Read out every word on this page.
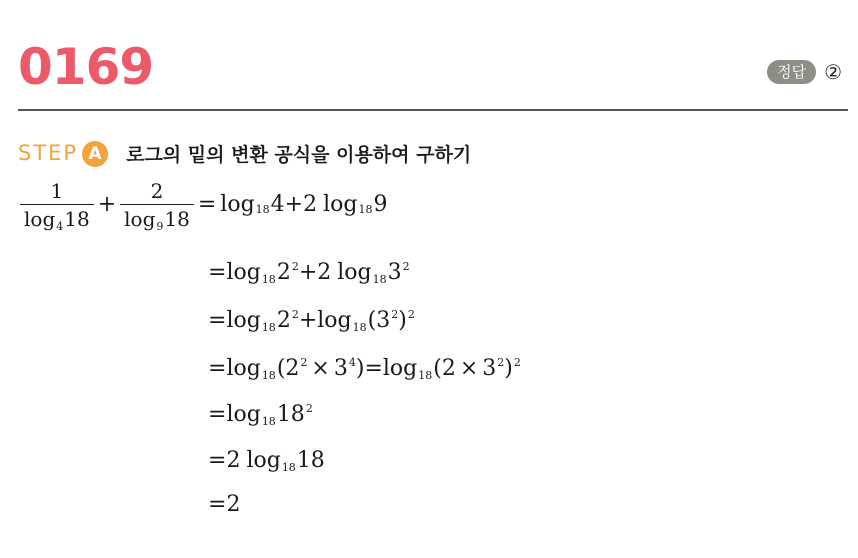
0169	정답 ②
STEP A	로그의 밑의 변환 공식을 이용하여 구하기
$\frac{1}{\log_418} + \frac{2}{\log_918} = \log 18$ 4 + 2 log 18 9
= log 18 2 2 + 2 log 18 3 2
= log 18 2 2 + log 18 ( 3 2 ) 2
= log 18 ( 2 2 × 3 4 ) = log 18 ( 2 × 3 2 ) 2
= log 18 18 2
= 2 log 18 18
= 2
